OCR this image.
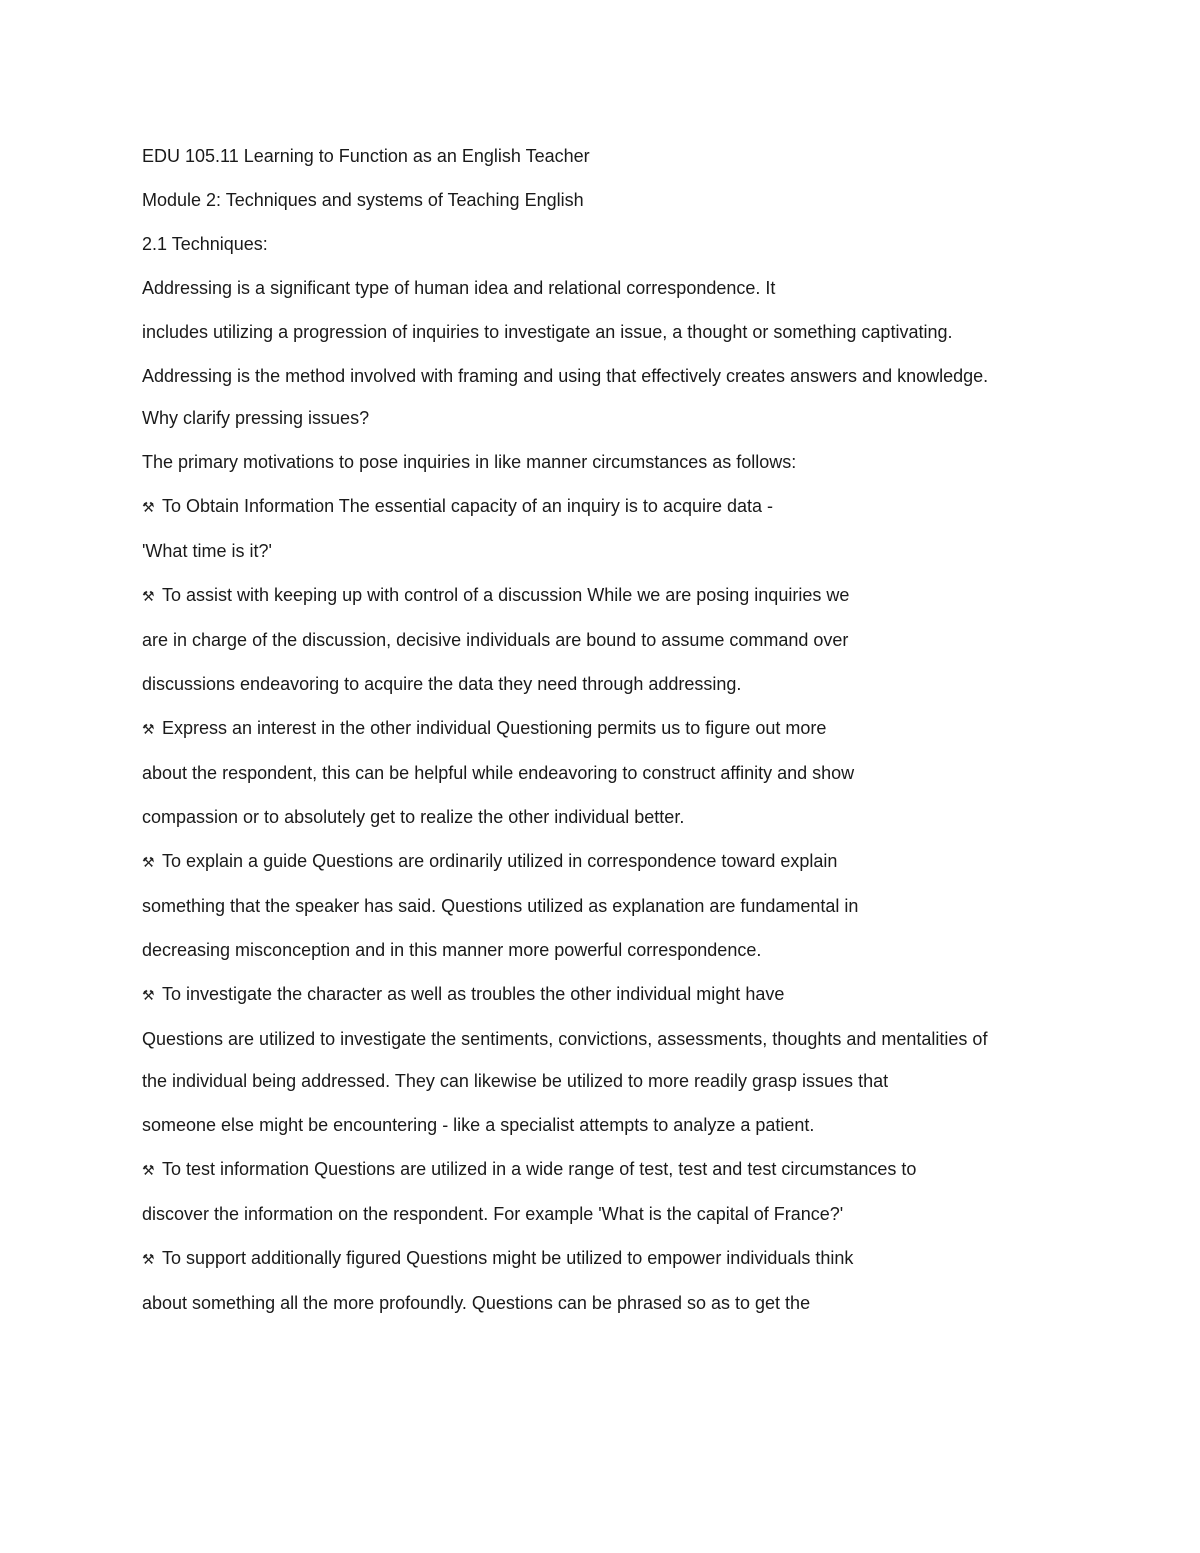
EDU 105.11 Learning to Function as an English Teacher

Module 2: Techniques and systems of Teaching English

2.1 Techniques:

Addressing is a significant type of human idea and relational correspondence. It

includes utilizing a progression of inquiries to investigate an issue, a thought or something captivating.

Addressing is the method involved with framing and using that effectively creates answers and knowledge.

Why clarify pressing issues?

The primary motivations to pose inquiries in like manner circumstances as follows:

⚒ To Obtain Information The essential capacity of an inquiry is to acquire data -

'What time is it?'

⚒ To assist with keeping up with control of a discussion While we are posing inquiries we

are in charge of the discussion, decisive individuals are bound to assume command over

discussions endeavoring to acquire the data they need through addressing.

⚒ Express an interest in the other individual Questioning permits us to figure out more

about the respondent, this can be helpful while endeavoring to construct affinity and show

compassion or to absolutely get to realize the other individual better.

⚒ To explain a guide Questions are ordinarily utilized in correspondence toward explain

something that the speaker has said. Questions utilized as explanation are fundamental in

decreasing misconception and in this manner more powerful correspondence.

⚒ To investigate the character as well as troubles the other individual might have

Questions are utilized to investigate the sentiments, convictions, assessments, thoughts and mentalities of

the individual being addressed. They can likewise be utilized to more readily grasp issues that

someone else might be encountering - like a specialist attempts to analyze a patient.

⚒ To test information Questions are utilized in a wide range of test, test and test circumstances to

discover the information on the respondent. For example 'What is the capital of France?'

⚒ To support additionally figured Questions might be utilized to empower individuals think

about something all the more profoundly. Questions can be phrased so as to get the
